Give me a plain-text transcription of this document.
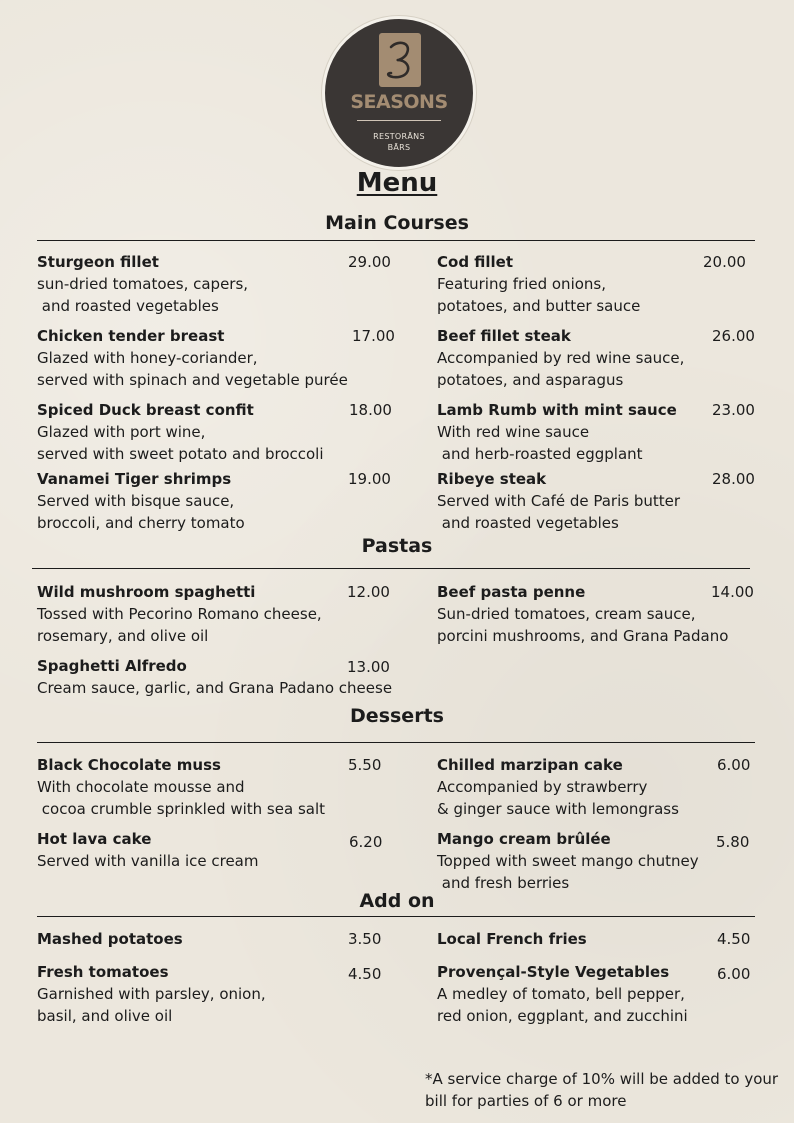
SEASONS
RESTORĀNS
BĀRS
Menu
Main Courses
Sturgeon fillet	29.00
sun-dried tomatoes, capers,
and roasted vegetables
Cod fillet	20.00
Featuring fried onions,
potatoes, and butter sauce
Chicken tender breast	17.00
Glazed with honey-coriander,
served with spinach and vegetable purée
Beef fillet steak	26.00
Accompanied by red wine sauce,
potatoes, and asparagus
Spiced Duck breast confit	18.00
Glazed with port wine,
served with sweet potato and broccoli
Lamb Rumb with mint sauce 23.00
With red wine sauce
and herb-roasted eggplant
Vanamei Tiger shrimps	19.00
Served with bisque sauce,
broccoli, and cherry tomato
Ribeye steak	28.00
Served with Café de Paris butter
and roasted vegetables
Pastas
Wild mushroom spaghetti	12.00
Tossed with Pecorino Romano cheese,
rosemary, and olive oil
Beef pasta penne	14.00
Sun-dried tomatoes, cream sauce,
porcini mushrooms, and Grana Padano
Spaghetti Alfredo	13.00
Cream sauce, garlic, and Grana Padano cheese
Desserts
Black Chocolate muss	5.50
With chocolate mousse and
cocoa crumble sprinkled with sea salt
Chilled marzipan cake	6.00
Accompanied by strawberry
& ginger sauce with lemongrass
Hot lava cake	6.20
Served with vanilla ice cream
Mango cream brûlée	5.80
Topped with sweet mango chutney
and fresh berries
Add on
Mashed potatoes	3.50	Local French fries	4.50
Fresh tomatoes	4.50
Garnished with parsley, onion,
basil, and olive oil
Provençal-Style Vegetables	6.00
A medley of tomato, bell pepper,
red onion, eggplant, and zucchini
*A service charge of 10% will be added to your
bill for parties of 6 or more
